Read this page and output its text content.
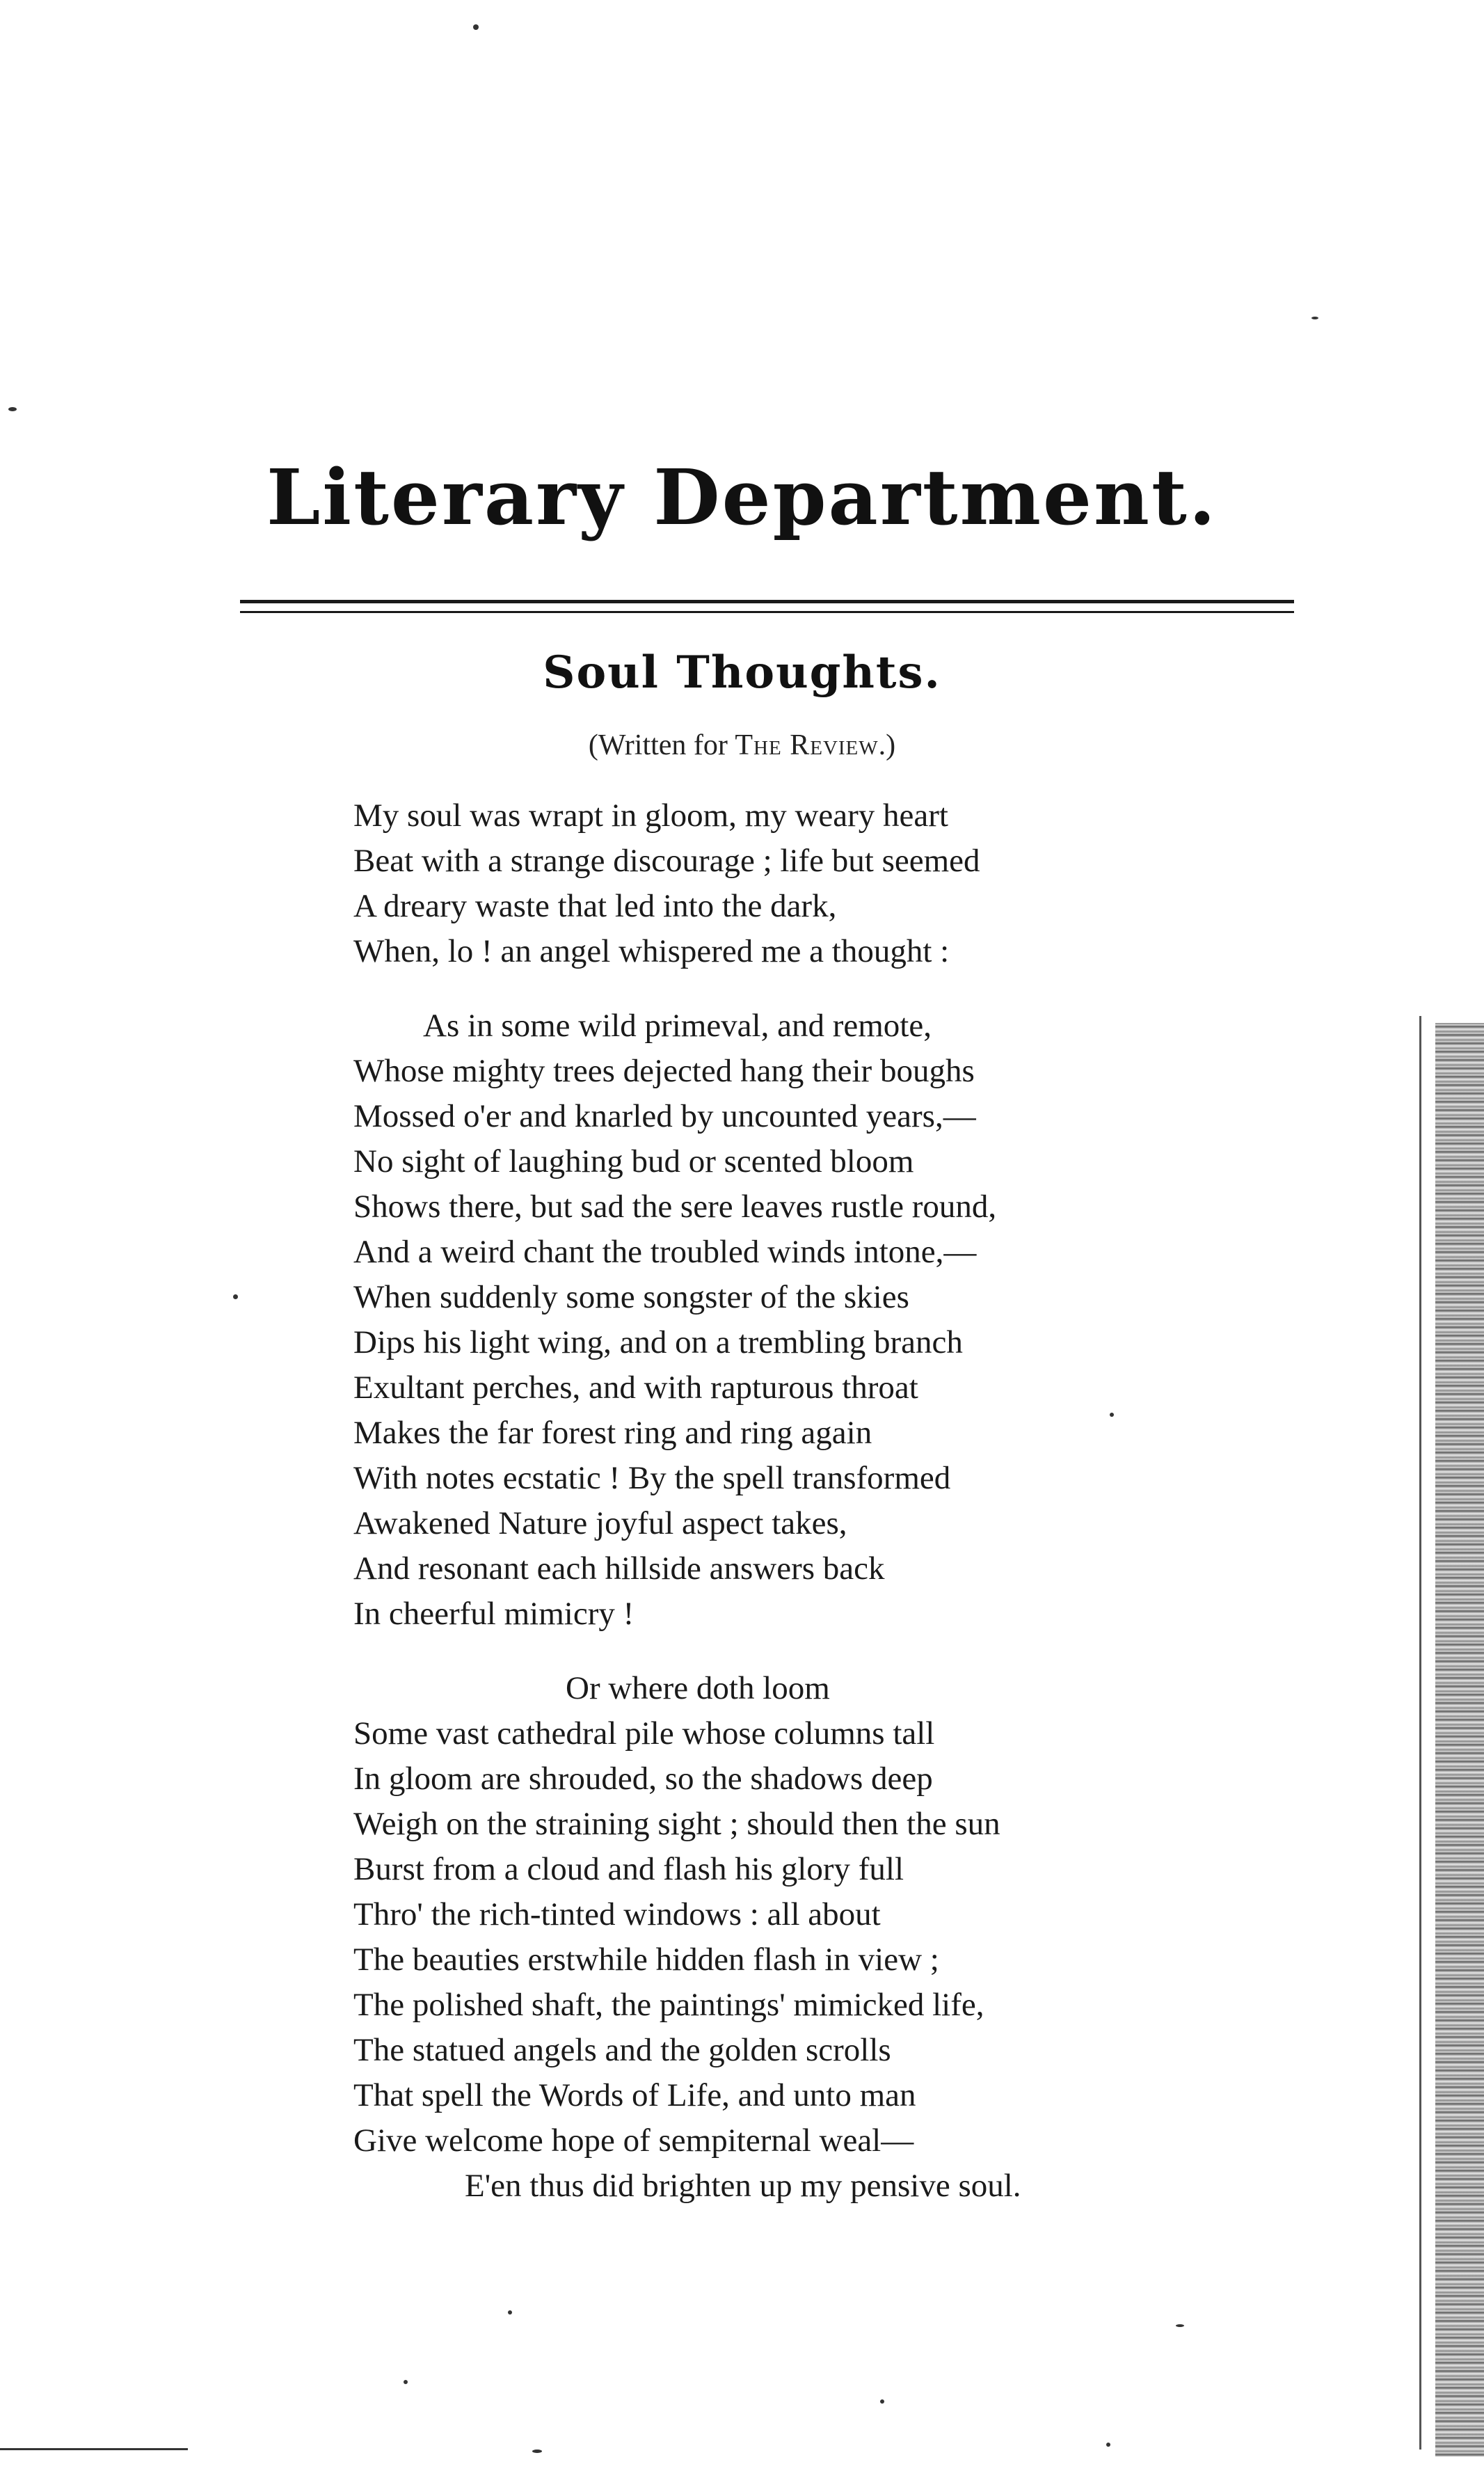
Literary Department.
Soul Thoughts.
(Written for The Review.)
My soul was wrapt in gloom, my weary heart
Beat with a strange discourage ; life but seemed
A dreary waste that led into the dark,
When, lo ! an angel whispered me a thought :
As in some wild primeval, and remote,
Whose mighty trees dejected hang their boughs
Mossed o'er and knarled by uncounted years,—
No sight of laughing bud or scented bloom
Shows there, but sad the sere leaves rustle round,
And a weird chant the troubled winds intone,—
When suddenly some songster of the skies
Dips his light wing, and on a trembling branch
Exultant perches, and with rapturous throat
Makes the far forest ring and ring again
With notes ecstatic ! By the spell transformed
Awakened Nature joyful aspect takes,
And resonant each hillside answers back
In cheerful mimicry !
Or where doth loom
Some vast cathedral pile whose columns tall
In gloom are shrouded, so the shadows deep
Weigh on the straining sight ; should then the sun
Burst from a cloud and flash his glory full
Thro' the rich-tinted windows : all about
The beauties erstwhile hidden flash in view ;
The polished shaft, the paintings' mimicked life,
The statued angels and the golden scrolls
That spell the Words of Life, and unto man
Give welcome hope of sempiternal weal—
E'en thus did brighten up my pensive soul.
